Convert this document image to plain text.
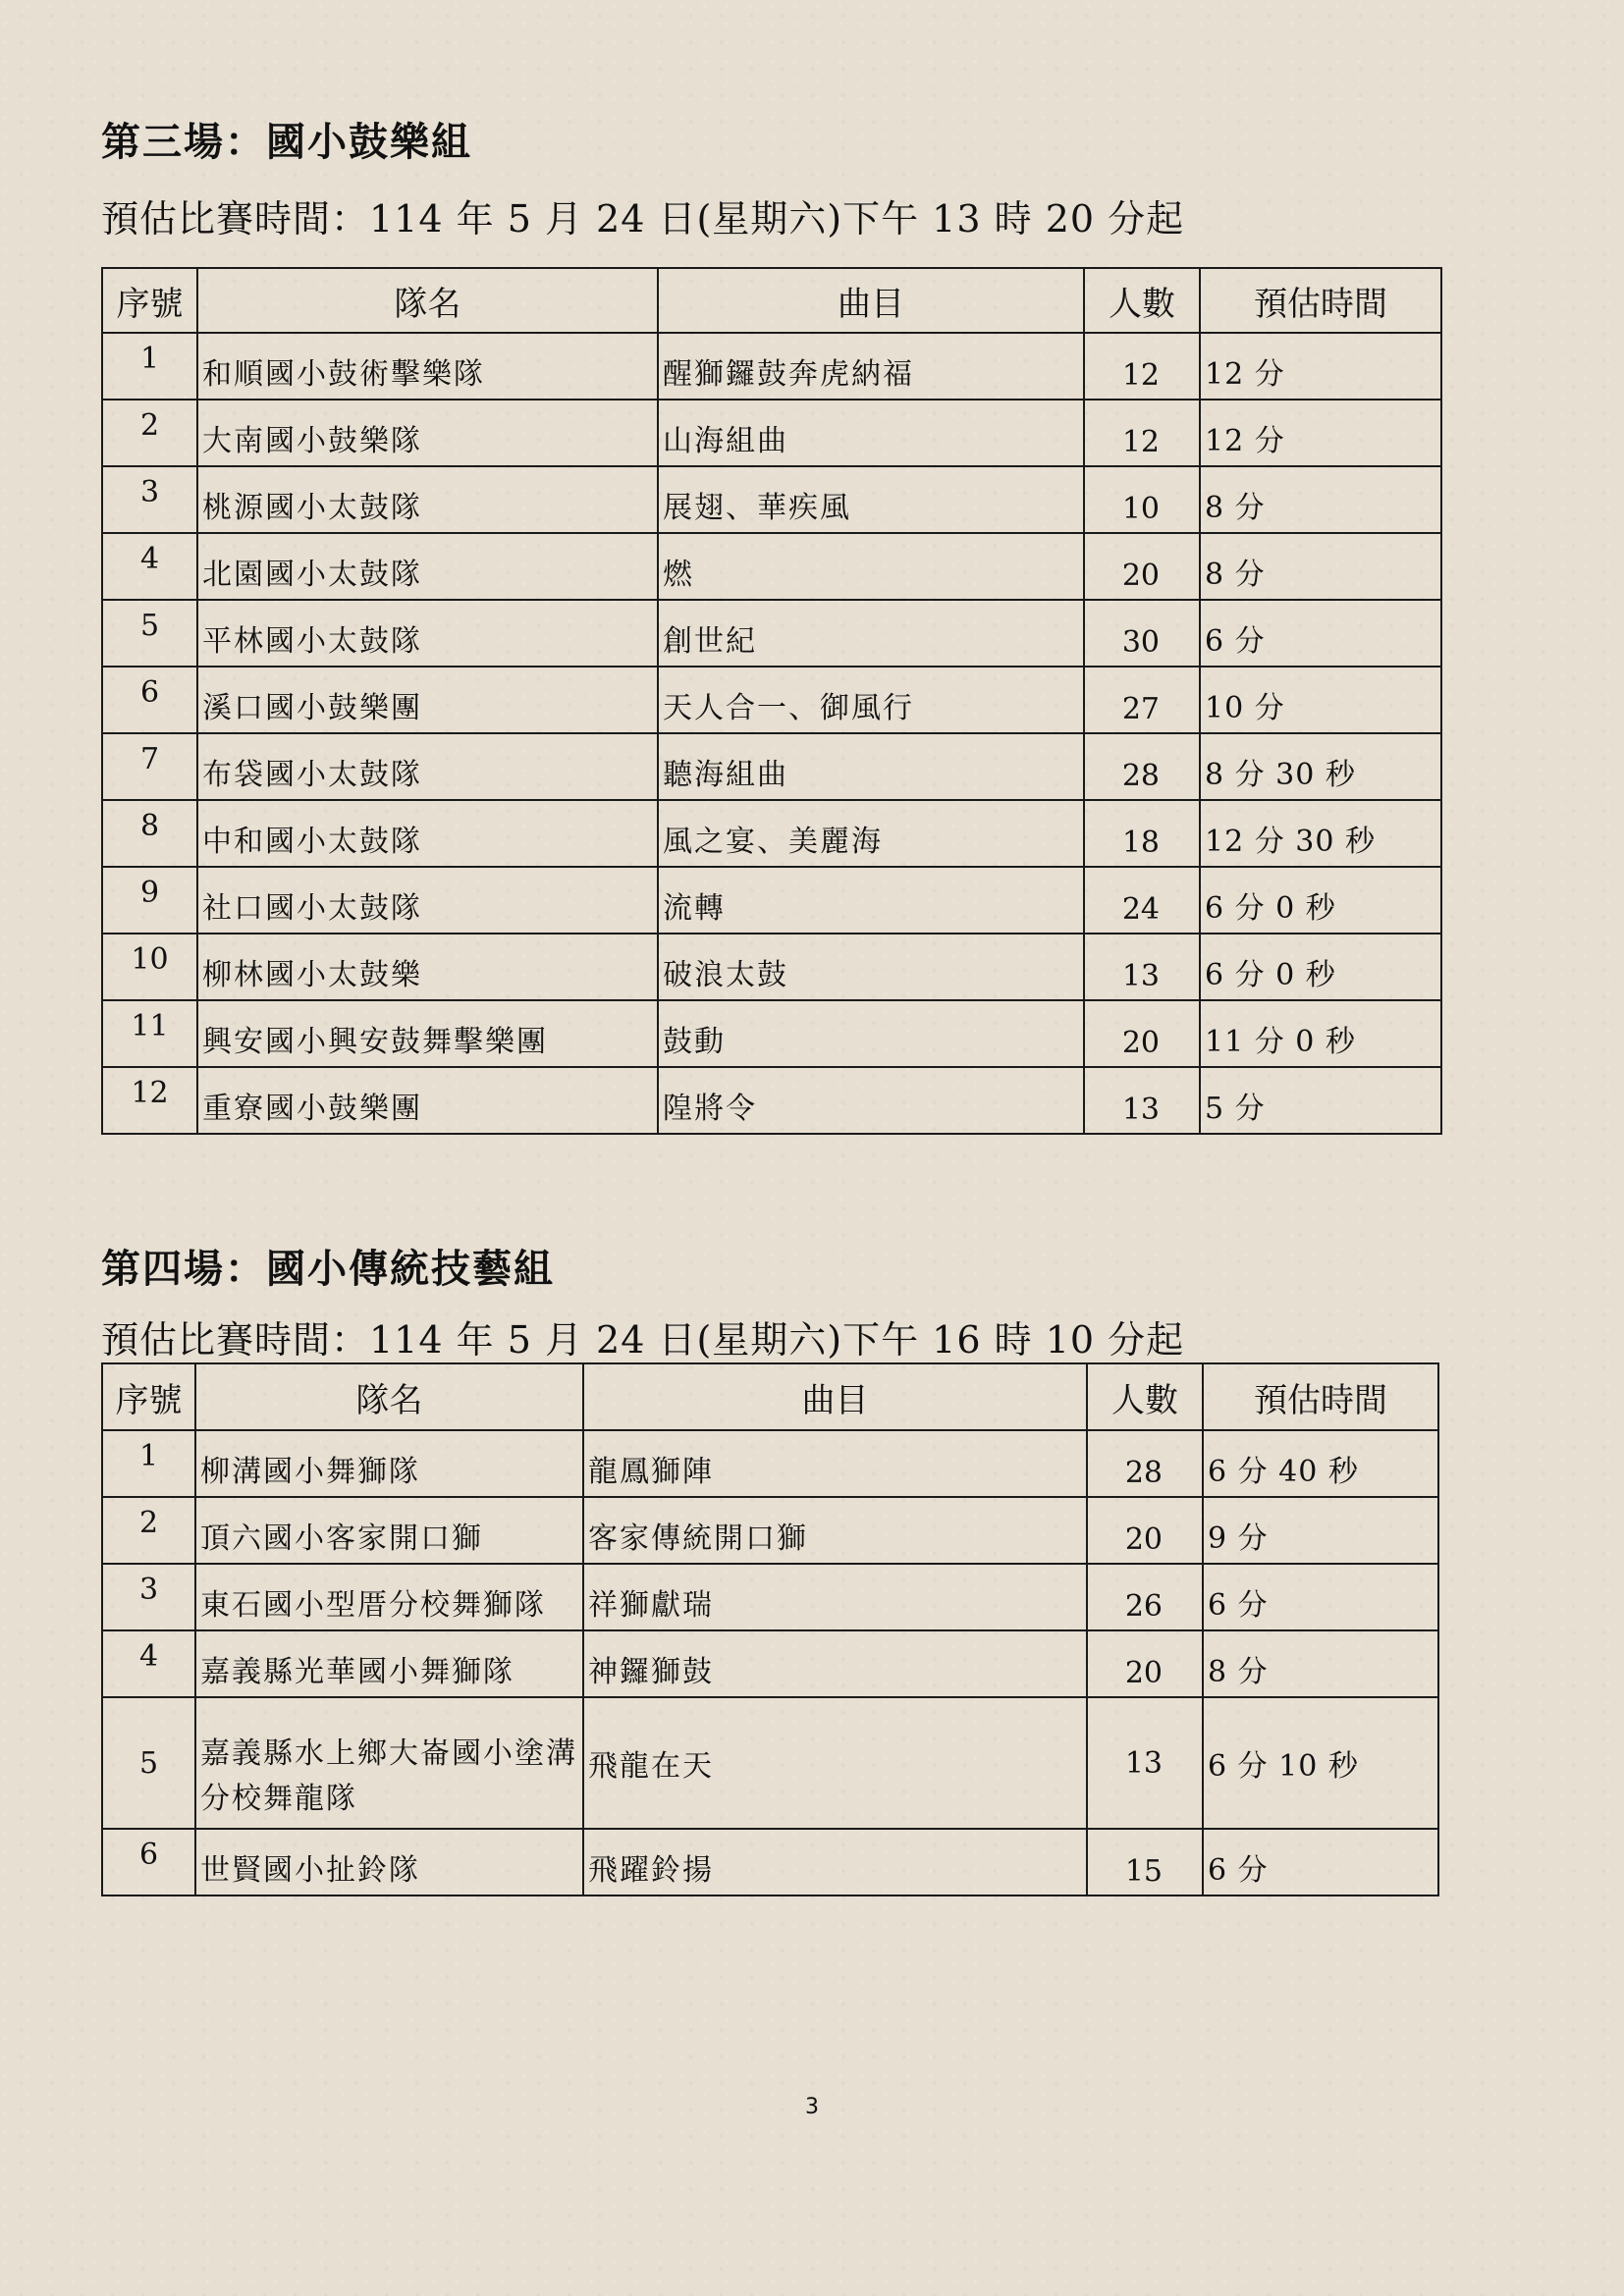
第三場：國小鼓樂組

預估比賽時間：114 年 5 月 24 日(星期六)下午 13 時 20 分起

序號	隊名	曲目	人數	預估時間
1	和順國小鼓術擊樂隊	醒獅鑼鼓奔虎納福	12	12 分
2	大南國小鼓樂隊	山海組曲	12	12 分
3	桃源國小太鼓隊	展翅、華疾風	10	8 分
4	北園國小太鼓隊	燃	20	8 分
5	平林國小太鼓隊	創世紀	30	6 分
6	溪口國小鼓樂團	天人合一、御風行	27	10 分
7	布袋國小太鼓隊	聽海組曲	28	8 分 30 秒
8	中和國小太鼓隊	風之宴、美麗海	18	12 分 30 秒
9	社口國小太鼓隊	流轉	24	6 分 0 秒
10	柳林國小太鼓樂	破浪太鼓	13	6 分 0 秒
11	興安國小興安鼓舞擊樂團	鼓動	20	11 分 0 秒
12	重寮國小鼓樂團	隍將令	13	5 分
第四場：國小傳統技藝組

預估比賽時間：114 年 5 月 24 日(星期六)下午 16 時 10 分起

序號	隊名	曲目	人數	預估時間
1	柳溝國小舞獅隊	龍鳳獅陣	28	6 分 40 秒
2	頂六國小客家開口獅	客家傳統開口獅	20	9 分
3	東石國小型厝分校舞獅隊	祥獅獻瑞	26	6 分
4	嘉義縣光華國小舞獅隊	神鑼獅鼓	20	8 分
5	嘉義縣水上鄉大崙國小塗溝分校舞龍隊	飛龍在天	13	6 分 10 秒
6	世賢國小扯鈴隊	飛躍鈴揚	15	6 分

3
